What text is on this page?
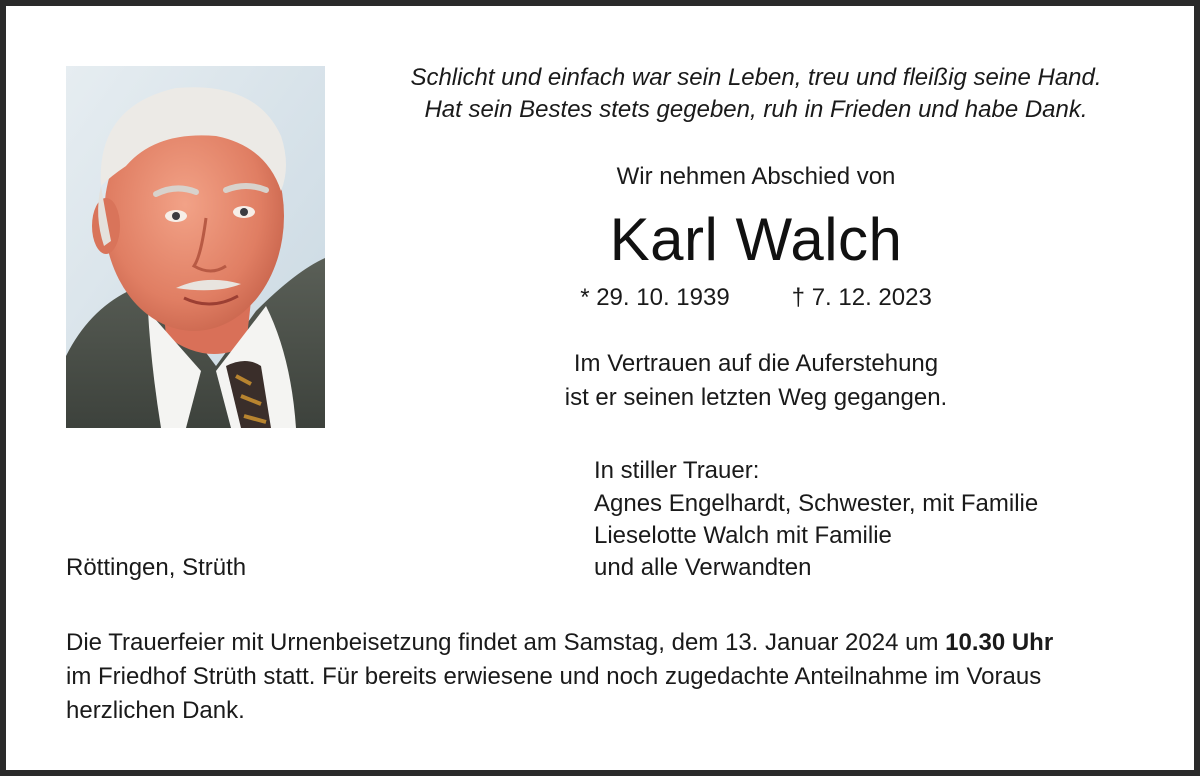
Schlicht und einfach war sein Leben, treu und fleißig seine Hand.
Hat sein Bestes stets gegeben, ruh in Frieden und habe Dank.
Wir nehmen Abschied von
Karl Walch
* 29. 10. 1939	† 7. 12. 2023
Im Vertrauen auf die Auferstehung
ist er seinen letzten Weg gegangen.
In stiller Trauer:
Agnes Engelhardt, Schwester, mit Familie
Lieselotte Walch mit Familie
und alle Verwandten
Röttingen, Strüth
Die Trauerfeier mit Urnenbeisetzung findet am Samstag, dem 13. Januar 2024 um 10.30 Uhr
im Friedhof Strüth statt. Für bereits erwiesene und noch zugedachte Anteilnahme im Voraus
herzlichen Dank.
